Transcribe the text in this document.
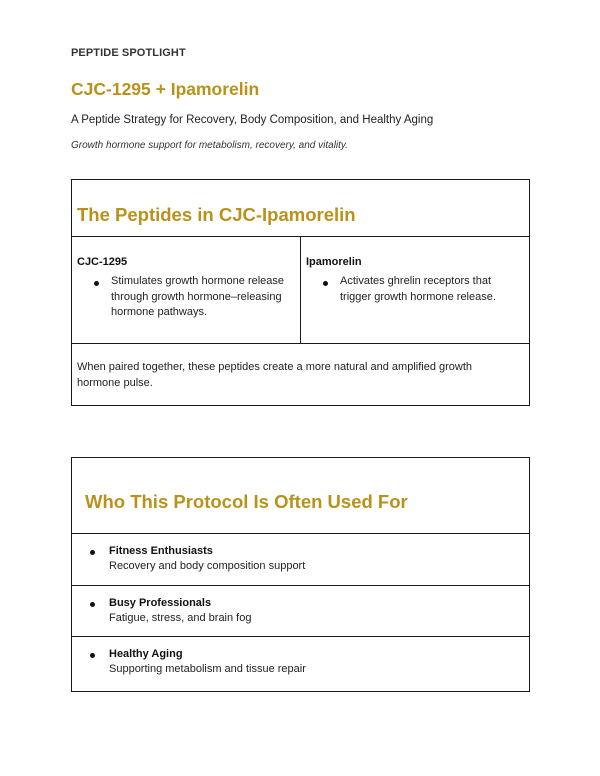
PEPTIDE SPOTLIGHT
CJC-1295 + Ipamorelin
A Peptide Strategy for Recovery, Body Composition, and Healthy Aging
Growth hormone support for metabolism, recovery, and vitality.
The Peptides in CJC-Ipamorelin
CJC-1295
Stimulates growth hormone release through growth hormone–releasing hormone pathways.
Ipamorelin
Activates ghrelin receptors that trigger growth hormone release.
When paired together, these peptides create a more natural and amplified growth hormone pulse.
Who This Protocol Is Often Used For
Fitness Enthusiasts
Recovery and body composition support
Busy Professionals
Fatigue, stress, and brain fog
Healthy Aging
Supporting metabolism and tissue repair
